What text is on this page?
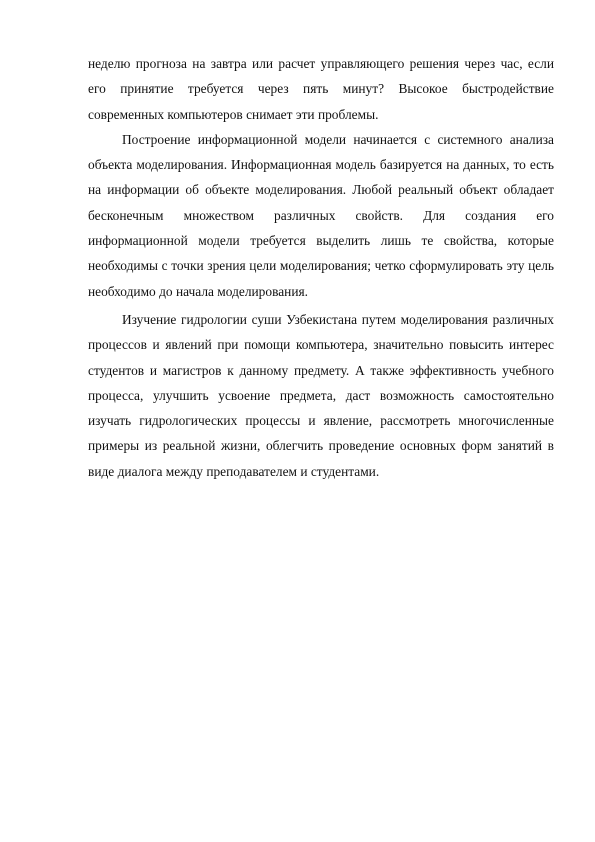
неделю прогноза на завтра или расчет управляющего решения через час, если его принятие требуется через пять минут? Высокое быстродействие современных компьютеров снимает эти проблемы.

Построение информационной модели начинается с системного анализа объекта моделирования. Информационная модель базируется на данных, то есть на информации об объекте моделирования. Любой реальный объект обладает бесконечным множеством различных свойств. Для создания его информационной модели требуется выделить лишь те свойства, которые необходимы с точки зрения цели моделирования; четко сформулировать эту цель необходимо до начала моделирования.

Изучение гидрологии суши Узбекистана путем моделирования различных процессов и явлений при помощи компьютера, значительно повысить интерес студентов и магистров к данному предмету. А также эффективность учебного процесса, улучшить усвоение предмета, даст возможность самостоятельно изучать гидрологических процессы и явление, рассмотреть многочисленные примеры из реальной жизни, облегчить проведение основных форм занятий в виде диалога между преподавателем и студентами.
